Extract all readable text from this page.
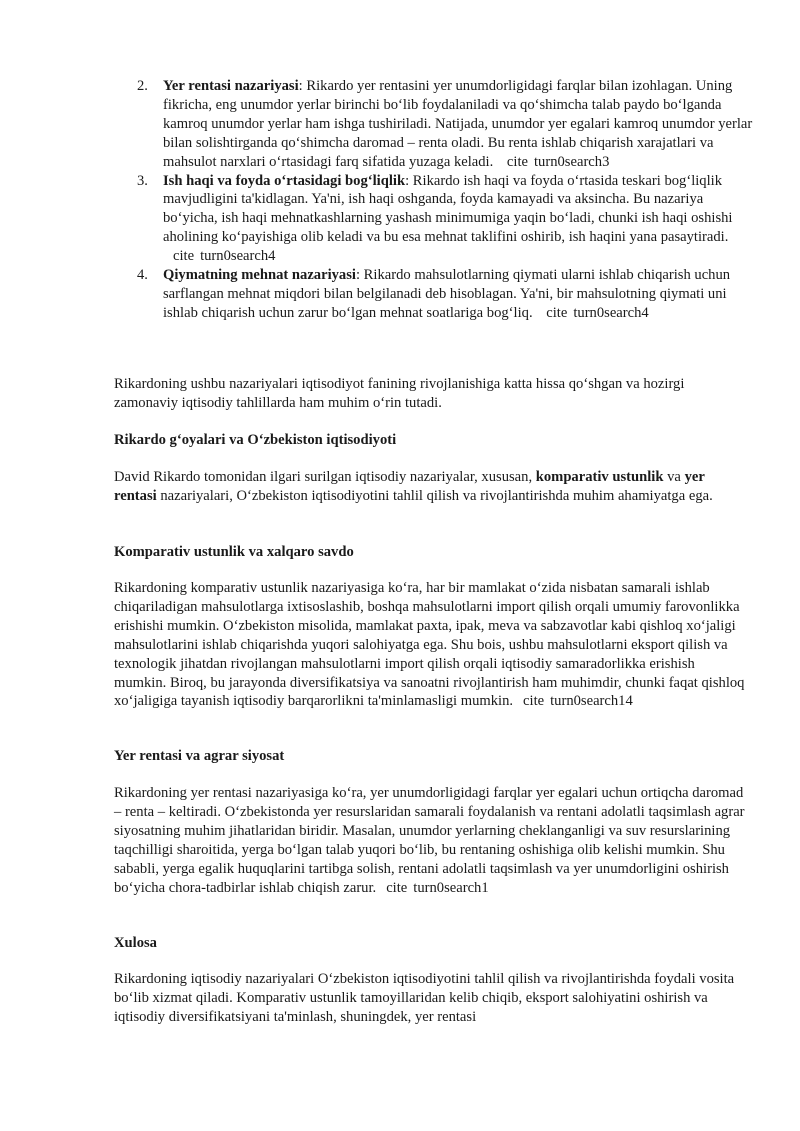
2. Yer rentasi nazariyasi: Rikardo yer rentasini yer unumdorligidagi farqlar bilan izohlagan. Uning fikricha, eng unumdor yerlar birinchi bo‘lib foydalaniladi va qo‘shimcha talab paydo bo‘lganda kamroq unumdor yerlar ham ishga tushiriladi. Natijada, unumdor yer egalari kamroq unumdor yerlar bilan solishtirganda qo‘shimcha daromad – renta oladi. Bu renta ishlab chiqarish xarajatlari va mahsulot narxlari o‘rtasidagi farq sifatida yuzaga keladi. cite turn0search3
3. Ish haqi va foyda o‘rtasidagi bog‘liqlik: Rikardo ish haqi va foyda o‘rtasida teskari bog‘liqlik mavjudligini ta'kidlagan. Ya'ni, ish haqi oshganda, foyda kamayadi va aksincha. Bu nazariya bo‘yicha, ish haqi mehnatkashlarning yashash minimumiga yaqin bo‘ladi, chunki ish haqi oshishi aholining ko‘payishiga olib keladi va bu esa mehnat taklifini oshirib, ish haqini yana pasaytiradi. cite turn0search4
4. Qiymatning mehnat nazariyasi: Rikardo mahsulotlarning qiymati ularni ishlab chiqarish uchun sarflangan mehnat miqdori bilan belgilanadi deb hisoblagan. Ya'ni, bir mahsulotning qiymati uni ishlab chiqarish uchun zarur bo‘lgan mehnat soatlariga bog‘liq. cite turn0search4

Rikardoning ushbu nazariyalari iqtisodiyot fanining rivojlanishiga katta hissa qo‘shgan va hozirgi zamonaviy iqtisodiy tahlillarda ham muhim o‘rin tutadi.

Rikardo g‘oyalari va O‘zbekiston iqtisodiyoti

David Rikardo tomonidan ilgari surilgan iqtisodiy nazariyalar, xususan, komparativ ustunlik va yer rentasi nazariyalari, O‘zbekiston iqtisodiyotini tahlil qilish va rivojlantirishda muhim ahamiyatga ega.

Komparativ ustunlik va xalqaro savdo

Rikardoning komparativ ustunlik nazariyasiga ko‘ra, har bir mamlakat o‘zida nisbatan samarali ishlab chiqariladigan mahsulotlarga ixtisoslashib, boshqa mahsulotlarni import qilish orqali umumiy farovonlikka erishishi mumkin. O‘zbekiston misolida, mamlakat paxta, ipak, meva va sabzavotlar kabi qishloq xo‘jaligi mahsulotlarini ishlab chiqarishda yuqori salohiyatga ega. Shu bois, ushbu mahsulotlarni eksport qilish va texnologik jihatdan rivojlangan mahsulotlarni import qilish orqali iqtisodiy samaradorlikka erishish mumkin. Biroq, bu jarayonda diversifikatsiya va sanoatni rivojlantirish ham muhimdir, chunki faqat qishloq xo‘jaligiga tayanish iqtisodiy barqarorlikni ta'minlamasligi mumkin. cite turn0search14

Yer rentasi va agrar siyosat

Rikardoning yer rentasi nazariyasiga ko‘ra, yer unumdorligidagi farqlar yer egalari uchun ortiqcha daromad – renta – keltiradi. O‘zbekistonda yer resurslaridan samarali foydalanish va rentani adolatli taqsimlash agrar siyosatning muhim jihatlaridan biridir. Masalan, unumdor yerlarning cheklanganligi va suv resurslarining taqchilligi sharoitida, yerga bo‘lgan talab yuqori bo‘lib, bu rentaning oshishiga olib kelishi mumkin. Shu sababli, yerga egalik huquqlarini tartibga solish, rentani adolatli taqsimlash va yer unumdorligini oshirish bo‘yicha chora-tadbirlar ishlab chiqish zarur. cite turn0search1

Xulosa

Rikardoning iqtisodiy nazariyalari O‘zbekiston iqtisodiyotini tahlil qilish va rivojlantirishda foydali vosita bo‘lib xizmat qiladi. Komparativ ustunlik tamoyillaridan kelib chiqib, eksport salohiyatini oshirish va iqtisodiy diversifikatsiyani ta'minlash, shuningdek, yer rentasi
